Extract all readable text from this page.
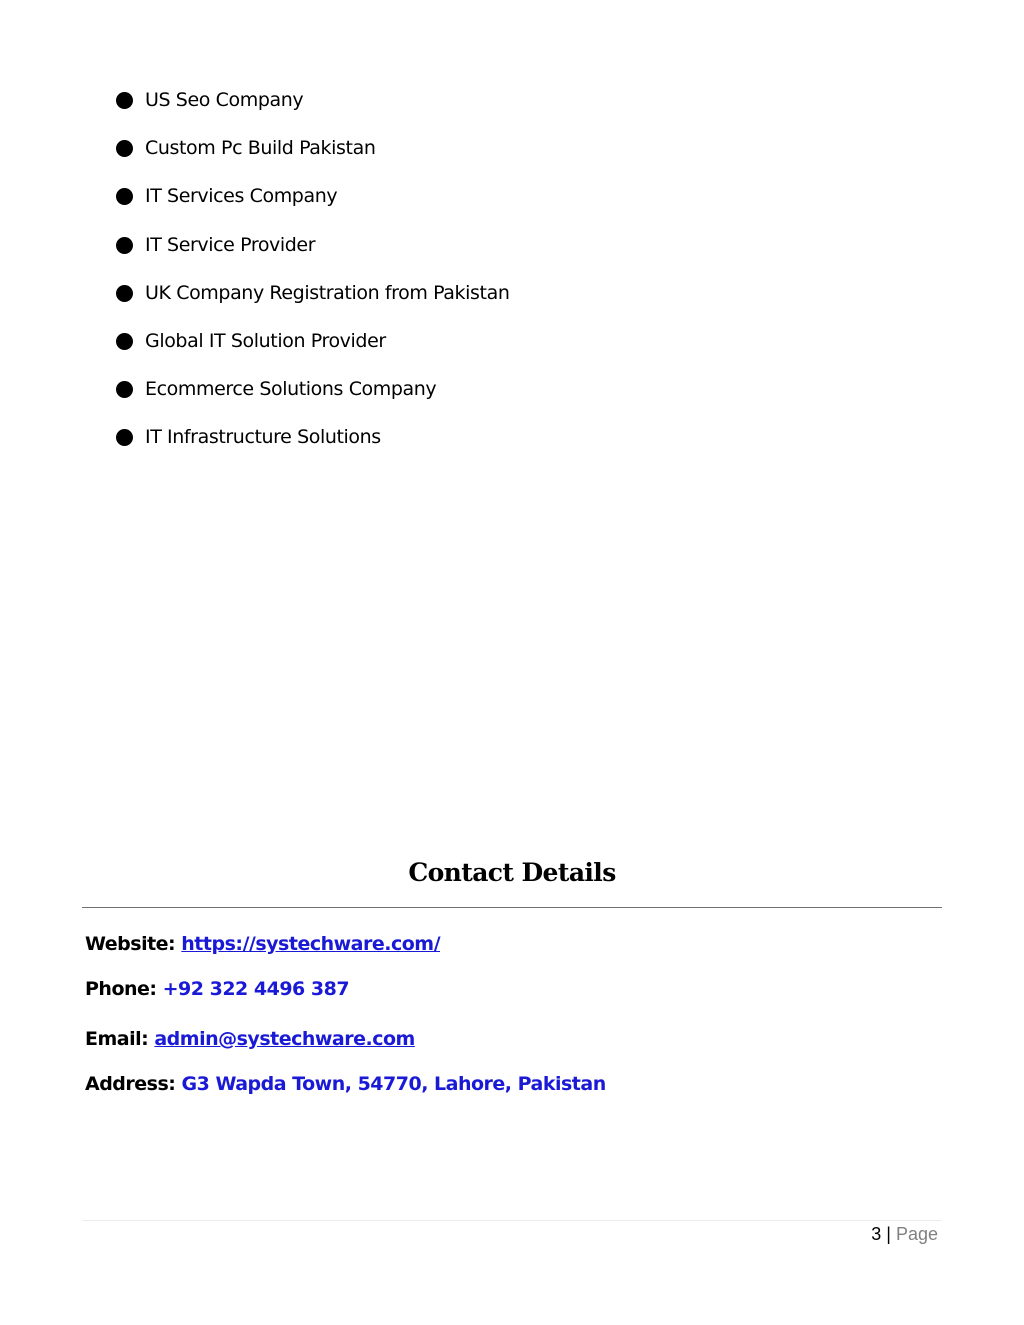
US Seo Company
Custom Pc Build Pakistan
IT Services Company
IT Service Provider
UK Company Registration from Pakistan
Global IT Solution Provider
Ecommerce Solutions Company
IT Infrastructure Solutions
Contact Details
Website: https://systechware.com/
Phone: +92 322 4496 387
Email: admin@systechware.com
Address: G3 Wapda Town, 54770, Lahore, Pakistan
3 | Page
